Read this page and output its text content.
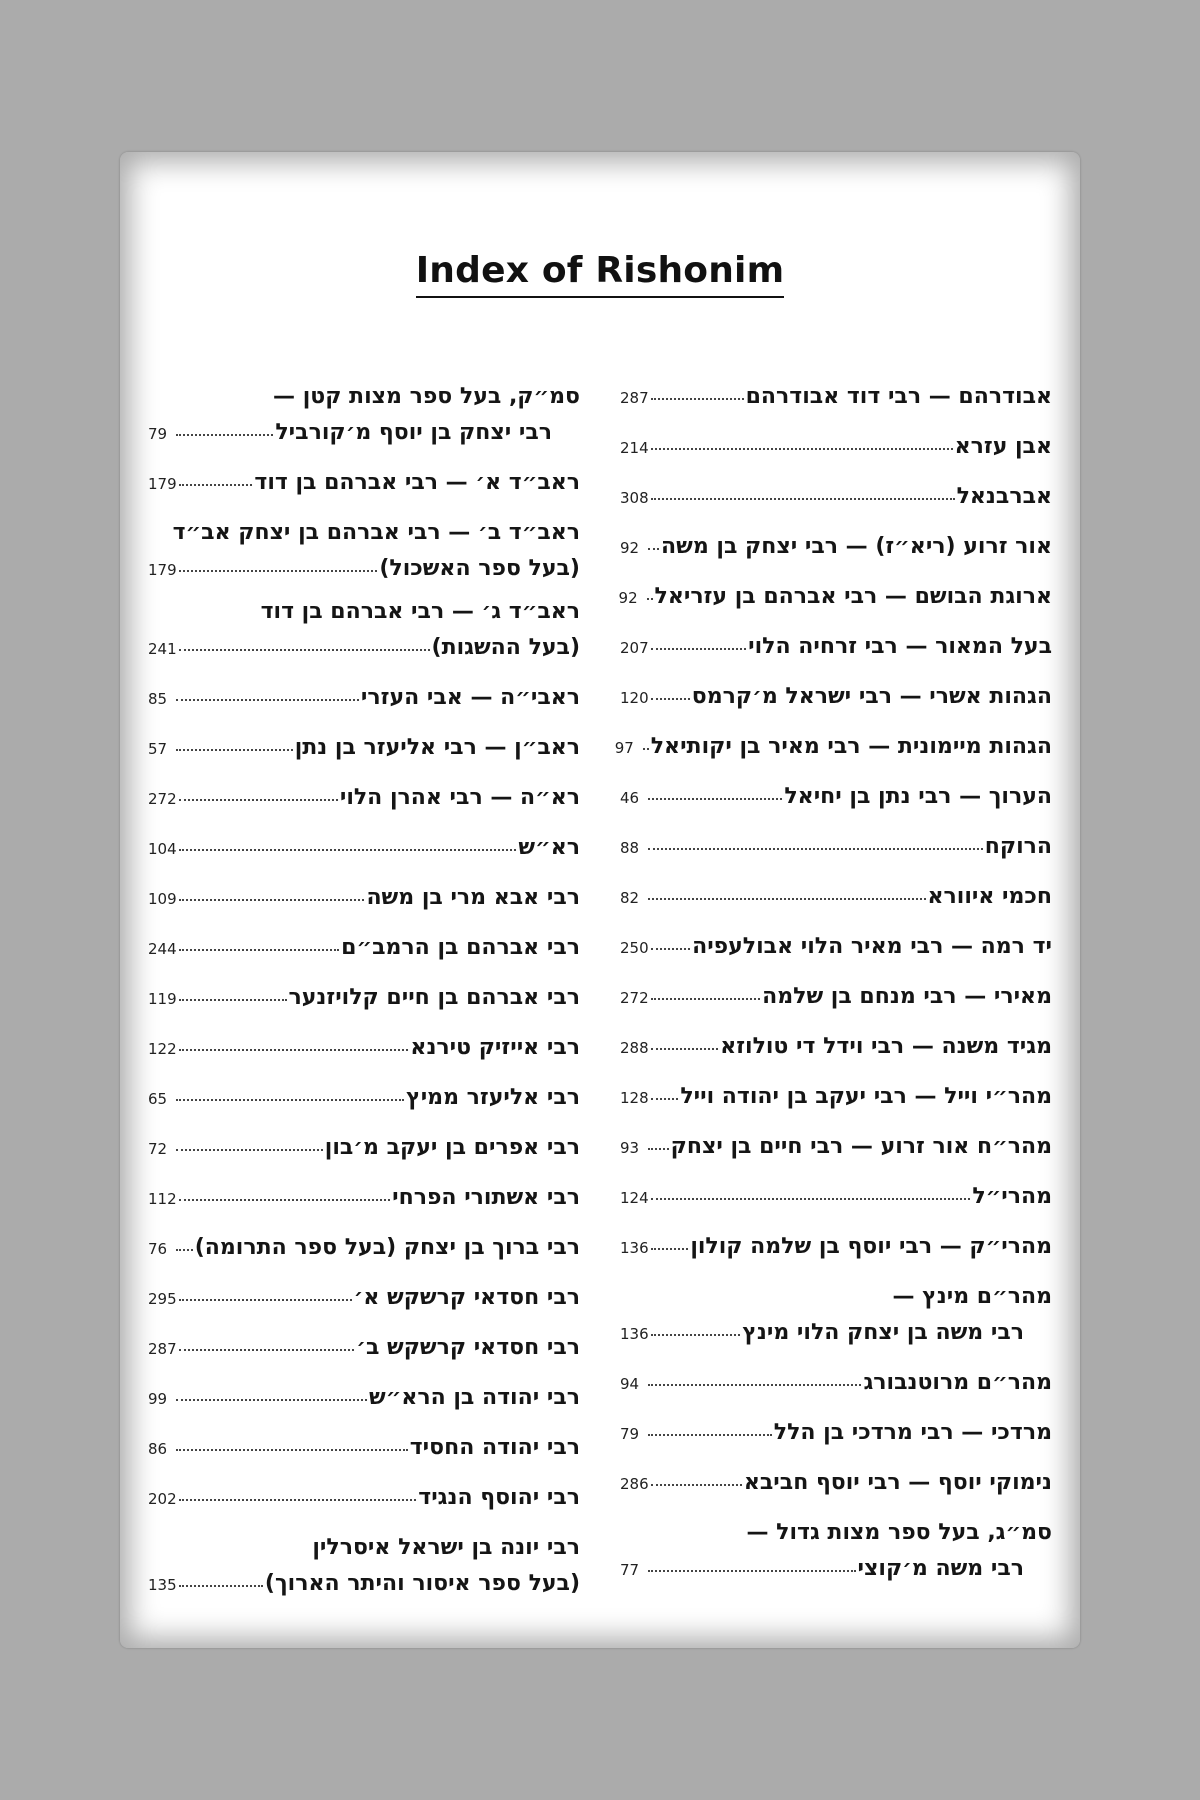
Index of Rishonim
אבודרהם — רבי דוד אבודרהם
287
אבן עזרא
214
אברבנאל
308
אור זרוע (ריא״ז) — רבי יצחק בן משה
92
ארוגת הבושם — רבי אברהם בן עזריאל
92
בעל המאור — רבי זרחיה הלוי
207
הגהות אשרי — רבי ישראל מ׳קרמס
120
הגהות מיימונית — רבי מאיר בן יקותיאל
97
הערוך — רבי נתן בן יחיאל
46
הרוקח
88
חכמי איוורא
82
יד רמה — רבי מאיר הלוי אבולעפיה
250
מאירי — רבי מנחם בן שלמה
272
מגיד משנה — רבי וידל די טולוזא
288
מהר״י וייל — רבי יעקב בן יהודה וייל
128
מהר״ח אור זרוע — רבי חיים בן יצחק
93
מהרי״ל
124
מהרי״ק — רבי יוסף בן שלמה קולון
136
מהר״ם מינץ —
רבי משה בן יצחק הלוי מינץ
136
מהר״ם מרוטנבורג
94
מרדכי — רבי מרדכי בן הלל
79
נימוקי יוסף — רבי יוסף חביבא
286
סמ״ג, בעל ספר מצות גדול —
רבי משה מ׳קוצי
77
סמ״ק, בעל ספר מצות קטן —
רבי יצחק בן יוסף מ׳קורביל
79
ראב״ד א׳ — רבי אברהם בן דוד
179
ראב״ד ב׳ — רבי אברהם בן יצחק אב״ד
(בעל ספר האשכול)
179
ראב״ד ג׳ — רבי אברהם בן דוד
(בעל ההשגות)
241
ראבי״ה — אבי העזרי
85
ראב״ן — רבי אליעזר בן נתן
57
רא״ה — רבי אהרן הלוי
272
רא״ש
104
רבי אבא מרי בן משה
109
רבי אברהם בן הרמב״ם
244
רבי אברהם בן חיים קלויזנער
119
רבי אייזיק טירנא
122
רבי אליעזר ממיץ
65
רבי אפרים בן יעקב מ׳בון
72
רבי אשתורי הפרחי
112
רבי ברוך בן יצחק (בעל ספר התרומה)
76
רבי חסדאי קרשקש א׳
295
רבי חסדאי קרשקש ב׳
287
רבי יהודה בן הרא״ש
99
רבי יהודה החסיד
86
רבי יהוסף הנגיד
202
רבי יונה בן ישראל איסרלין
(בעל ספר איסור והיתר הארוך)
135
